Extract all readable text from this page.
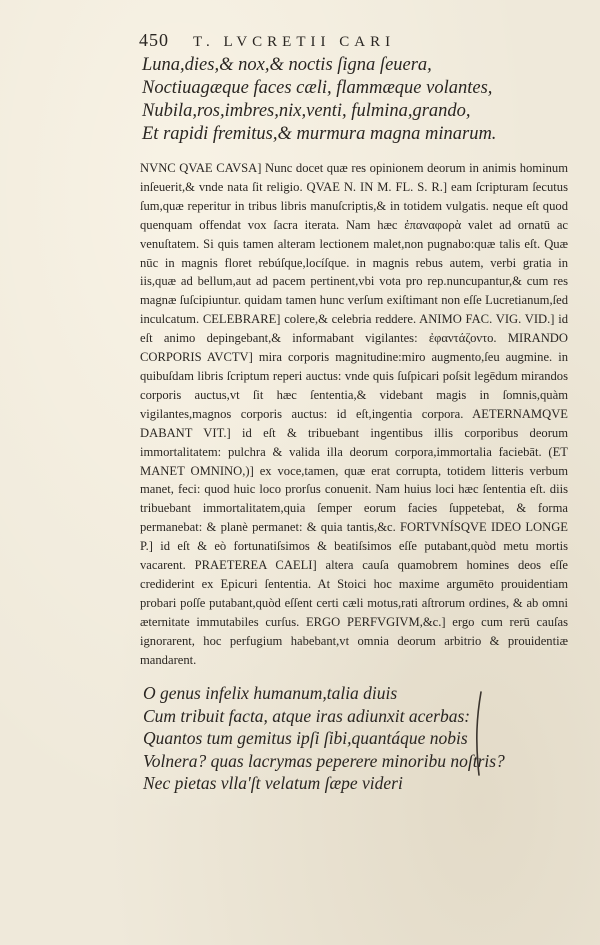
450 T. LVCRETII CARI
Luna,dies,& nox,& noctis ſigna ſeuera,
Noctiuagæque faces cæli, flammæque volantes,
Nubila,ros,imbres,nix,venti, fulmina,grando,
Et rapidi fremitus,& murmura magna minarum.

NVNC QVAE CAVSA] Nunc docet quæ res opinionem deorum in animis hominum inſeuerit,& vnde nata ſit religio. QVAE N. IN M. FL. S. R.] eam ſcripturam ſecutus ſum,quæ reperitur in tribus libris manuſcriptis,& in totidem vulgatis. neque eſt quod quenquam offendat vox ſacra iterata. Nam hæc ἐπαναφορὰ valet ad ornatū ac venuſtatem. Si quis tamen alteram lectionem malet,non pugnabo:quæ talis eſt. Quæ nūc in magnis floret rebúſque,locíſque. in magnis rebus autem, verbi gratia in iis,quæ ad bellum,aut ad pacem pertinent,vbi vota pro rep.nuncupantur,& cum res magnæ ſuſcipiuntur. quidam tamen hunc verſum exiſtimant non eſſe Lucretianum,ſed inculcatum. CELEBRARE] colere,& celebria reddere. ANIMO FAC. VIG. VID.] id eſt animo depingebant,& informabant vigilantes: ἐφαντάζοντο. MIRANDO CORPORIS AVCTV] mira corporis magnitudine:miro augmento,ſeu augmine. in quibuſdam libris ſcriptum reperi auctus: vnde quis ſuſpicari poſsit legēdum mirandos corporis auctus,vt ſit hæc ſententia,& videbant magis in ſomnis,quàm vigilantes,magnos corporis auctus: id eſt,ingentia corpora. AETERNAMQVE DABANT VIT.] id eſt & tribuebant ingentibus illis corporibus deorum immortalitatem: pulchra & valida illa deorum corpora,immortalia faciebāt. (ET MANET OMNINO,)] ex voce,tamen, quæ erat corrupta, totidem litteris verbum manet, feci: quod huic loco prorſus conuenit. Nam huius loci hæc ſententia eſt. diis tribuebant immortalitatem,quia ſemper eorum facies ſuppetebat, & forma permanebat: & planè permanet: & quia tantis,&c. FORTVNÍSQVE IDEO LONGE P.] id eſt & eò fortunatiſsimos & beatiſsimos eſſe putabant,quòd metu mortis vacarent. PRAETEREA CAELI] altera cauſa quamobrem homines deos eſſe crediderint ex Epicuri ſententia. At Stoici hoc maxime argumēto prouidentiam probari poſſe putabant,quòd eſſent certi cæli motus,rati aſtrorum ordines, & ab omni æternitate immutabiles curſus. ERGO PERFVGIVM,&c.] ergo cum rerū cauſas ignorarent, hoc perfugium habebant,vt omnia deorum arbitrio & prouidentiæ mandarent.

O genus infelix humanum,talia diuis
Cum tribuit facta, atque iras adiunxit acerbas:
Quantos tum gemitus ipſi ſibi,quantáque nobis
Volnera? quas lacrymas peperere minoribu noſtris?
Nec pietas vlla'ſt velatum ſæpe videri
